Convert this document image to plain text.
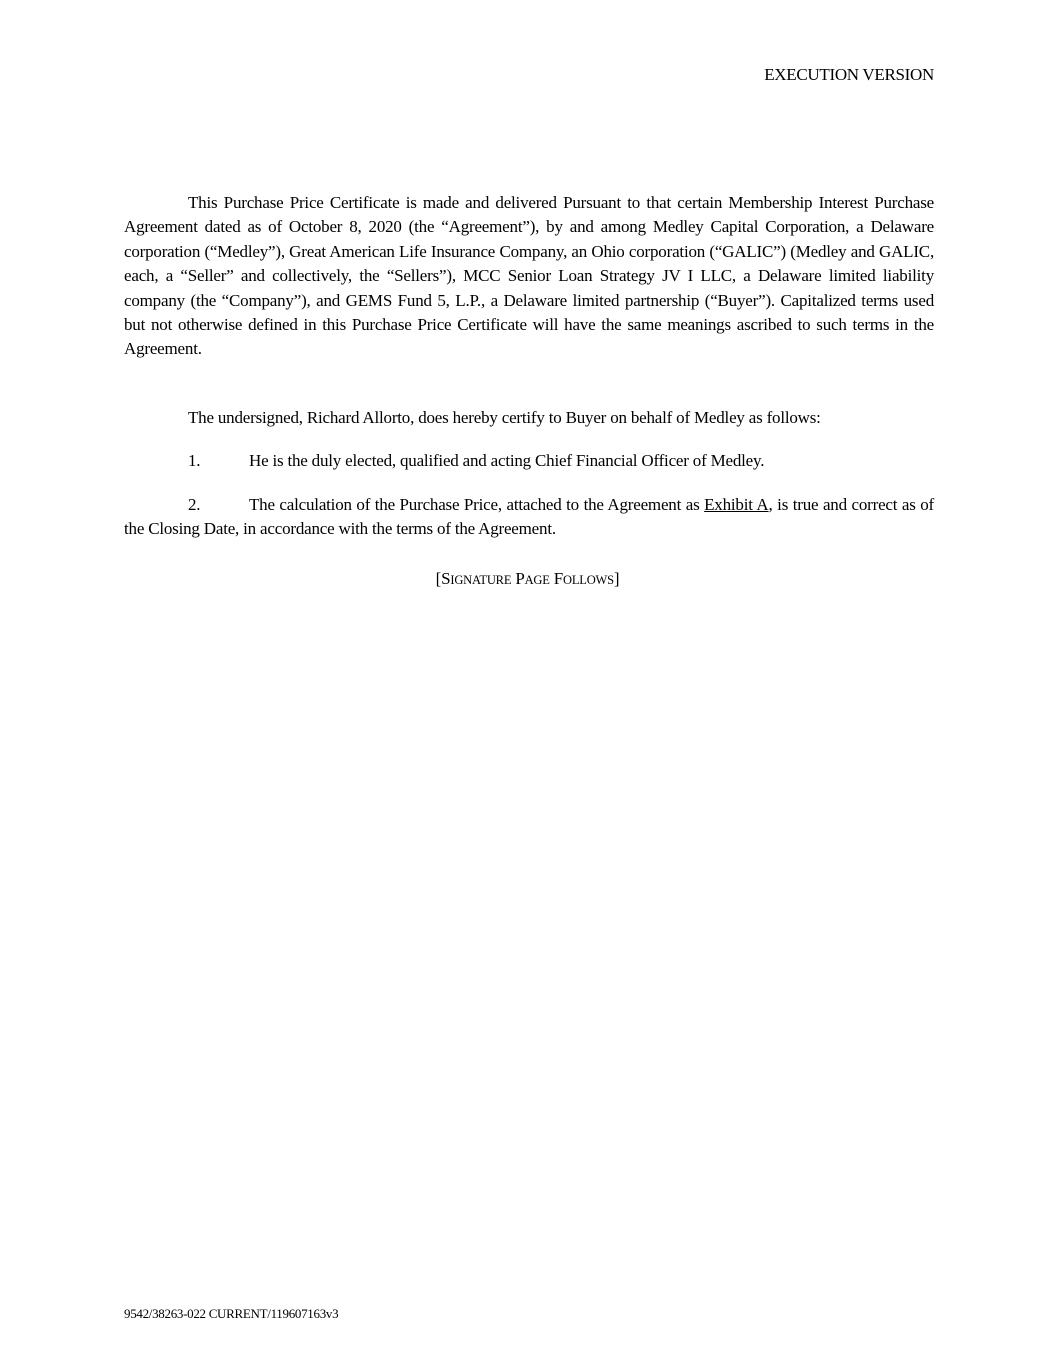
EXECUTION VERSION

This Purchase Price Certificate is made and delivered Pursuant to that certain Membership Interest Purchase Agreement dated as of October 8, 2020 (the “Agreement”), by and among Medley Capital Corporation, a Delaware corporation (“Medley”), Great American Life Insurance Company, an Ohio corporation (“GALIC”) (Medley and GALIC, each, a “Seller” and collectively, the “Sellers”), MCC Senior Loan Strategy JV I LLC, a Delaware limited liability company (the “Company”), and GEMS Fund 5, L.P., a Delaware limited partnership (“Buyer”). Capitalized terms used but not otherwise defined in this Purchase Price Certificate will have the same meanings ascribed to such terms in the Agreement.

The undersigned, Richard Allorto, does hereby certify to Buyer on behalf of Medley as follows:

1.	He is the duly elected, qualified and acting Chief Financial Officer of Medley.

2.	The calculation of the Purchase Price, attached to the Agreement as Exhibit A, is true and correct as of the Closing Date, in accordance with the terms of the Agreement.

[SIGNATURE PAGE FOLLOWS]
9542/38263-022 CURRENT/119607163v3
